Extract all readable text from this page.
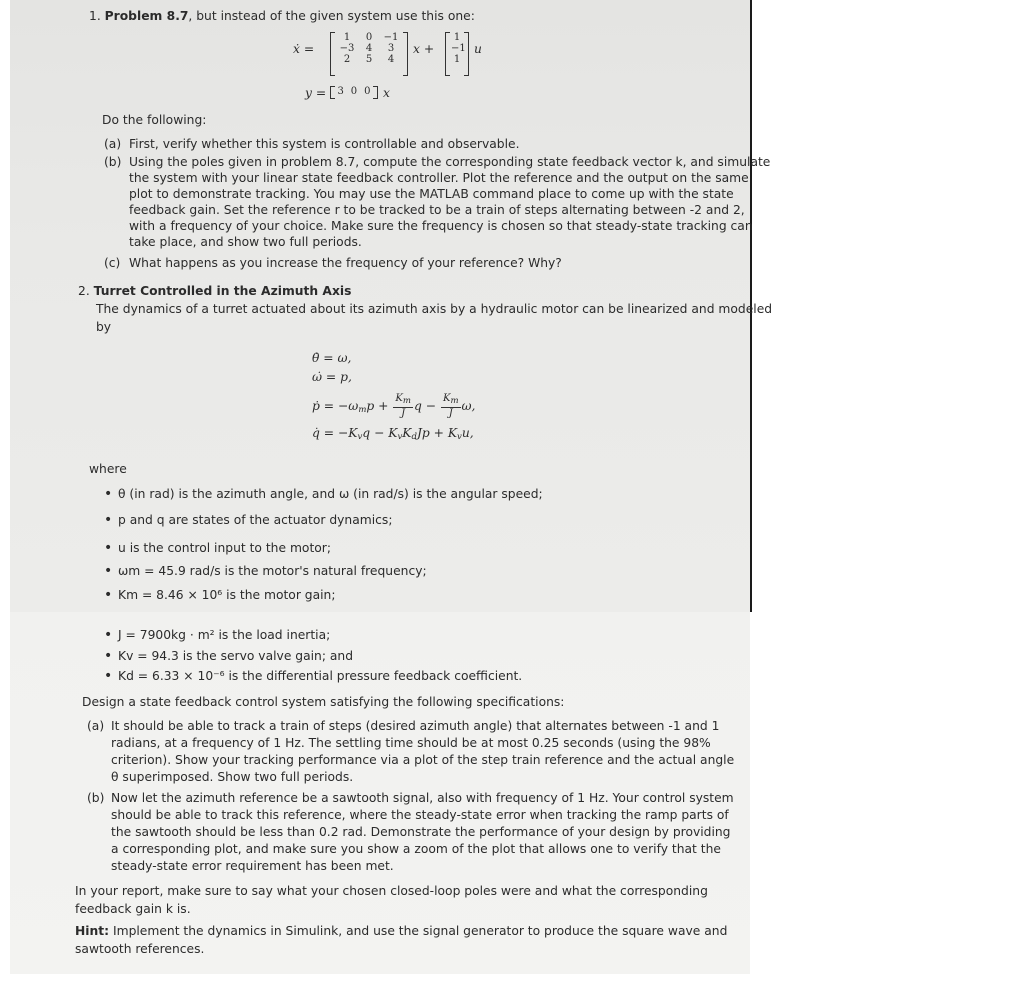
1. Problem 8.7, but instead of the given system use this one:
ẋ =
1	0	−1
−3	4	3
2	5	4
x +
1
−1
1
u
y = 3 0 0 x
Do the following:
(a) First, verify whether this system is controllable and observable.
(b) Using the poles given in problem 8.7, compute the corresponding state feedback vector k, and simulate
the system with your linear state feedback controller. Plot the reference and the output on the same
plot to demonstrate tracking. You may use the MATLAB command place to come up with the state
feedback gain. Set the reference r to be tracked to be a train of steps alternating between -2 and 2,
with a frequency of your choice. Make sure the frequency is chosen so that steady-state tracking can
take place, and show two full periods.
(c) What happens as you increase the frequency of your reference? Why?
2. Turret Controlled in the Azimuth Axis
The dynamics of a turret actuated about its azimuth axis by a hydraulic motor can be linearized and modeled
by
θ̇ = ω,
ω̇ = p,
ṗ = $-\omega_mp + \frac{K_m}{J}$ $q - \frac{K_m}{J} \omega$,
q̇ = $-K_vq - K_vK_dJp + K_vu$,
where
• θ (in rad) is the azimuth angle, and ω (in rad/s) is the angular speed;
• p and q are states of the actuator dynamics;
• u is the control input to the motor;
• ωm = 45.9 rad/s is the motor's natural frequency;
• Km = 8.46 × 10⁶ is the motor gain;
• J = 7900kg · m² is the load inertia;
• Kv = 94.3 is the servo valve gain; and
• Kd = 6.33 × 10⁻⁶ is the differential pressure feedback coefficient.
Design a state feedback control system satisfying the following specifications:
(a) It should be able to track a train of steps (desired azimuth angle) that alternates between -1 and 1
radians, at a frequency of 1 Hz. The settling time should be at most 0.25 seconds (using the 98%
criterion). Show your tracking performance via a plot of the step train reference and the actual angle
θ superimposed. Show two full periods.
(b) Now let the azimuth reference be a sawtooth signal, also with frequency of 1 Hz. Your control system
should be able to track this reference, where the steady-state error when tracking the ramp parts of
the sawtooth should be less than 0.2 rad. Demonstrate the performance of your design by providing
a corresponding plot, and make sure you show a zoom of the plot that allows one to verify that the
steady-state error requirement has been met.
In your report, make sure to say what your chosen closed-loop poles were and what the corresponding
feedback gain k is.
Hint: Implement the dynamics in Simulink, and use the signal generator to produce the square wave and
sawtooth references.
